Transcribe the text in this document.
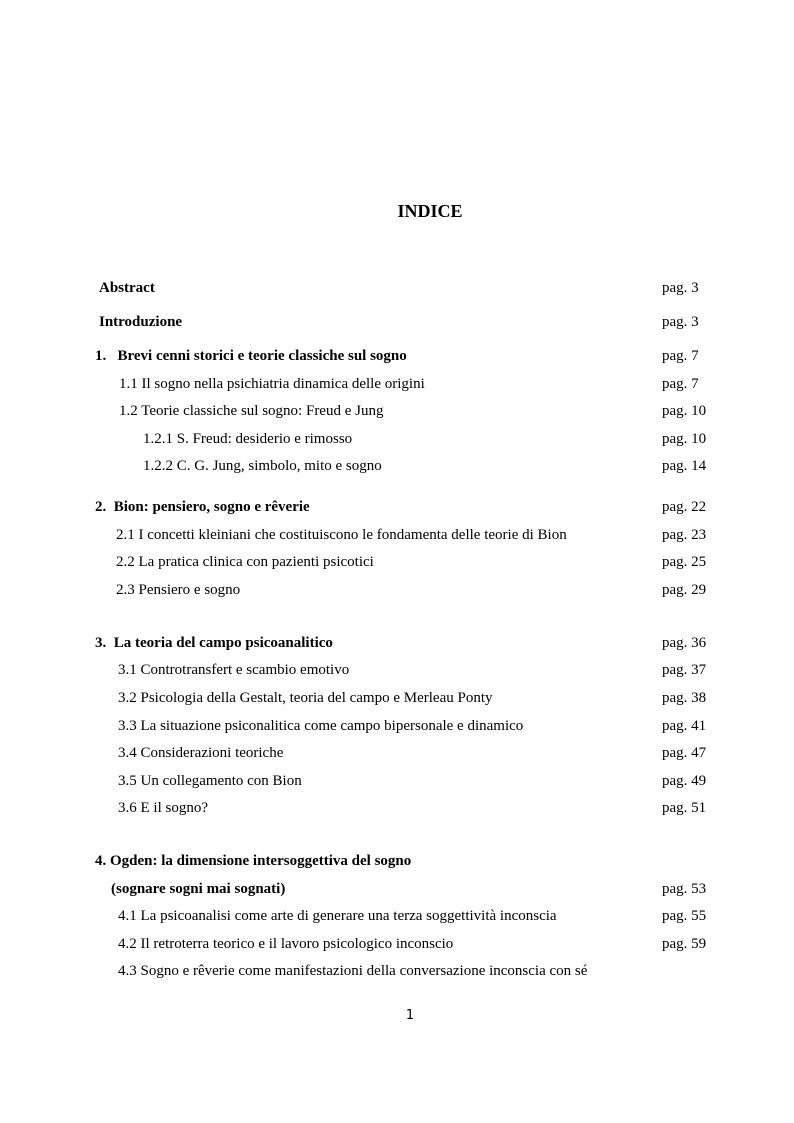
INDICE
Abstract	pag. 3
Introduzione	pag. 3
1.   Brevi cenni storici e teorie classiche sul sogno	pag. 7
1.1 Il sogno nella psichiatria dinamica delle origini	pag. 7
1.2 Teorie classiche sul sogno: Freud e Jung	pag. 10
1.2.1 S. Freud: desiderio e rimosso	pag. 10
1.2.2 C. G. Jung, simbolo, mito e sogno	pag. 14
2.  Bion: pensiero, sogno e rêverie	pag. 22
2.1 I concetti kleiniani che costituiscono le fondamenta delle teorie di Bion	pag. 23
2.2 La pratica clinica con pazienti psicotici	pag. 25
2.3 Pensiero e sogno	pag. 29
3.  La teoria del campo psicoanalitico	pag. 36
3.1 Controtransfert e scambio emotivo	pag. 37
3.2 Psicologia della Gestalt, teoria del campo e Merleau Ponty	pag. 38
3.3 La situazione psiconalitica come campo bipersonale e dinamico	pag. 41
3.4 Considerazioni teoriche	pag. 47
3.5 Un collegamento con Bion	pag. 49
3.6 E il sogno?	pag. 51
4. Ogden: la dimensione intersoggettiva del sogno
(sognare sogni mai sognati)	pag. 53
4.1 La psicoanalisi come arte di generare una terza soggettività inconscia	pag. 55
4.2 Il retroterra teorico e il lavoro psicologico inconscio	pag. 59
4.3 Sogno e rêverie come manifestazioni della conversazione inconscia con sé
1
